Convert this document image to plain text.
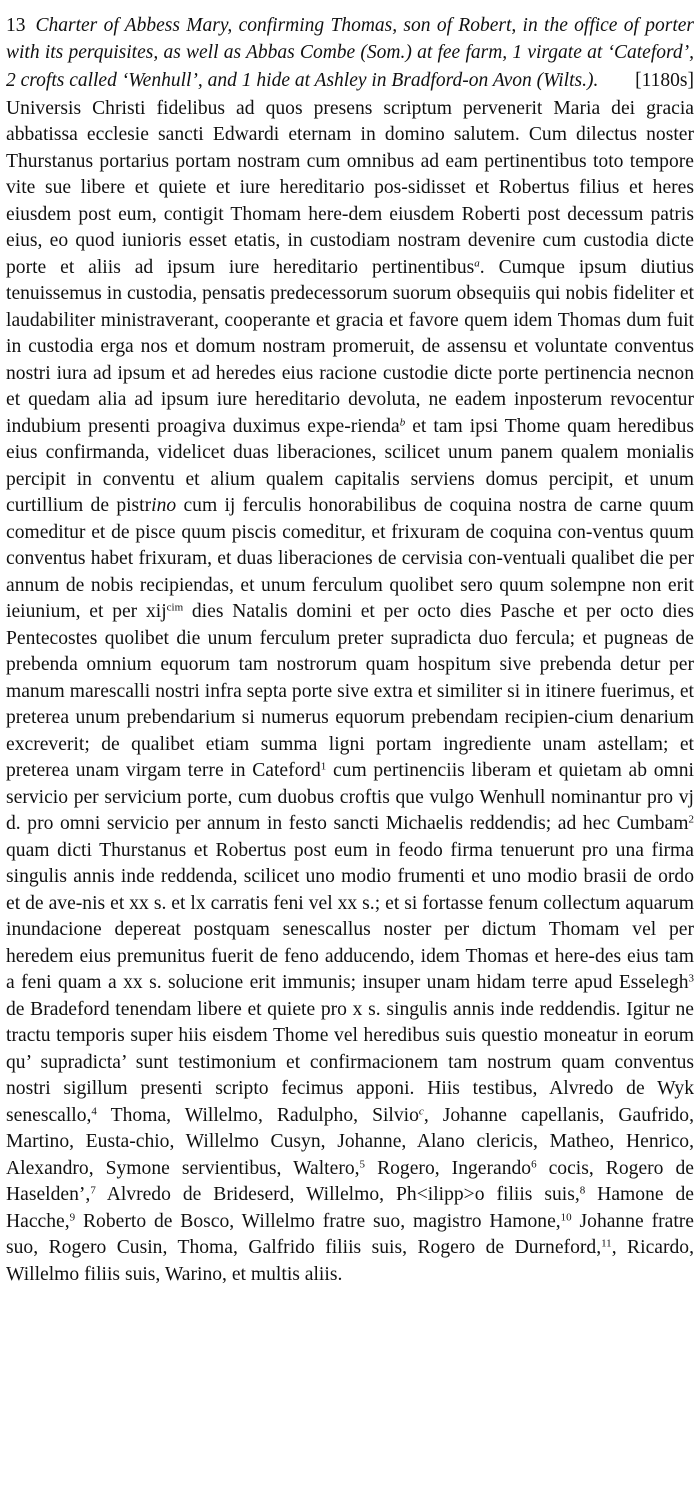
13 Charter of Abbess Mary, confirming Thomas, son of Robert, in the office of porter with its perquisites, as well as Abbas Combe (Som.) at fee farm, 1 virgate at ‘Cateford’, 2 crofts called ‘Wenhull’, and 1 hide at Ashley in Bradford-on Avon (Wilts.). [1180s]

Universis Christi fidelibus ad quos presens scriptum pervenerit Maria dei gracia abbatissa ecclesie sancti Edwardi eternam in domino salutem. Cum dilectus noster Thurstanus portarius portam nostram cum omnibus ad eam pertinentibus toto tempore vite sue libere et quiete et iure hereditario pos-sidisset et Robertus filius et heres eiusdem post eum, contigit Thomam here-dem eiusdem Roberti post decessum patris eius, eo quod iunioris esset etatis, in custodiam nostram devenire cum custodia dicte porte et aliis ad ipsum iure hereditario pertinentibus$^a$. Cumque ipsum diutius tenuissemus in custodia, pensatis predecessorum suorum obsequiis qui nobis fideliter et laudabiliter ministraverant, cooperante et gracia et favore quem idem Thomas dum fuit in custodia erga nos et domum nostram promeruit, de assensu et voluntate conventus nostri iura ad ipsum et ad heredes eius racione custodie dicte porte pertinencia necnon et quedam alia ad ipsum iure hereditario devoluta, ne eadem inposterum revocentur indubium presenti proagiva duximus expe-rienda$^b$ et tam ipsi Thome quam heredibus eius confirmanda, videlicet duas liberaciones, scilicet unum panem qualem monialis percipit in conventu et alium qualem capitalis serviens domus percipit, et unum curtillium de pistrino cum ij ferculis honorabilibus de coquina nostra de carne quum comeditur et de pisce quum piscis comeditur, et frixuram de coquina con-ventus quum conventus habet frixuram, et duas liberaciones de cervisia con-ventuali qualibet die per annum de nobis recipiendas, et unum ferculum quolibet sero quum solempne non erit ieiunium, et per xij$^{cim}$ dies Natalis domini et per octo dies Pasche et per octo dies Pentecostes quolibet die unum ferculum preter supradicta duo fercula; et pugneas de prebenda omnium equorum tam nostrorum quam hospitum sive prebenda detur per manum marescalli nostri infra septa porte sive extra et similiter si in itinere fuerimus, et preterea unum prebendarium si numerus equorum prebendam recipien-cium denarium excreverit; de qualibet etiam summa ligni portam ingrediente unam astellam; et preterea unam virgam terre in Cateford$^1$ cum pertinenciis liberam et quietam ab omni servicio per servicium porte, cum duobus croftis que vulgo Wenhull nominantur pro vj d. pro omni servicio per annum in festo sancti Michaelis reddendis; ad hec Cumbam$^2$ quam dicti Thurstanus et Robertus post eum in feodo firma tenuerunt pro una firma singulis annis inde reddenda, scilicet uno modio frumenti et uno modio brasii de ordo et de ave-nis et xx s. et lx carratis feni vel xx s.; et si fortasse fenum collectum aquarum inundacione depereat postquam senescallus noster per dictum Thomam vel per heredem eius premunitus fuerit de feno adducendo, idem Thomas et here-des eius tam a feni quam a xx s. solucione erit immunis; insuper unam hidam terre apud Esselegh$^3$ de Bradeford tenendam libere et quiete pro x s. singulis annis inde reddendis. Igitur ne tractu temporis super hiis eisdem Thome vel heredibus suis questio moneatur in eorum qu’ supradicta’ sunt testimonium et confirmacionem tam nostrum quam conventus nostri sigillum presenti scripto fecimus apponi. Hiis testibus, Alvredo de Wyk senescallo,$^4$ Thoma, Willelmo, Radulpho, Silvio$^c$, Johanne capellanis, Gaufrido, Martino, Eusta-chio, Willelmo Cusyn, Johanne, Alano clericis, Matheo, Henrico, Alexandro, Symone servientibus, Waltero,$^5$ Rogero, Ingerando$^6$ cocis, Rogero de Haselden’,$^7$ Alvredo de Brideserd, Willelmo, Ph<ilipp>o filiis suis,$^8$ Hamone de Hacche,$^9$ Roberto de Bosco, Willelmo fratre suo, magistro Hamone,$^{10}$ Johanne fratre suo, Rogero Cusin, Thoma, Galfrido filiis suis, Rogero de Durneford,$^{11}$, Ricardo, Willelmo filiis suis, Warino, et multis aliis.
